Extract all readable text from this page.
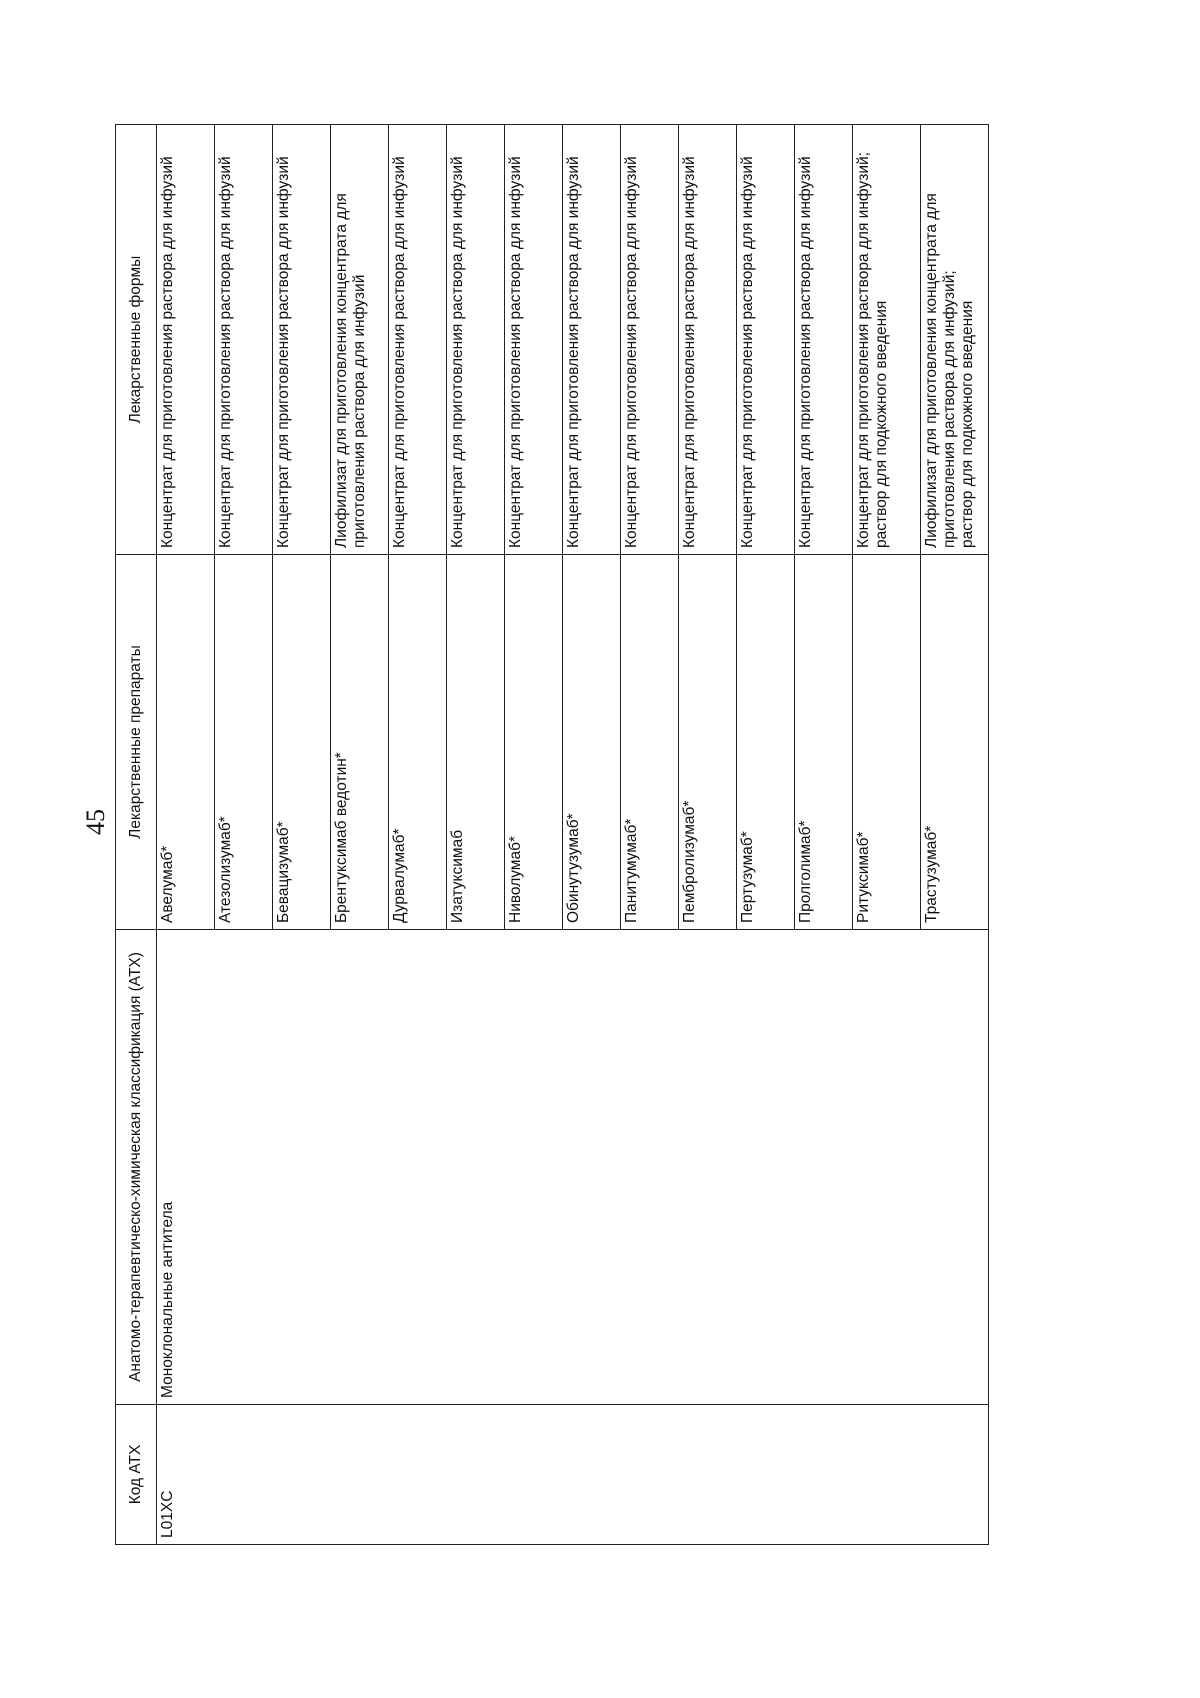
45
Код АТХ	Анатомо-терапевтическо-химическая классификация (АТХ)	Лекарственные препараты	Лекарственные формы
L01XC	Моноклональные антитела	Авелумаб*	Концентрат для приготовления раствора для инфузий

		Атезолизумаб*	Концентрат для приготовления раствора для инфузий

		Бевацизумаб*	Концентрат для приготовления раствора для инфузий

		Брентуксимаб ведотин*	Лиофилизат для приготовления концентрата для приготовления раствора для инфузий

		Дурвалумаб*	Концентрат для приготовления раствора для инфузий

		Изатуксимаб	Концентрат для приготовления раствора для инфузий

		Ниволумаб*	Концентрат для приготовления раствора для инфузий

		Обинутузумаб*	Концентрат для приготовления раствора для инфузий

		Панитумумаб*	Концентрат для приготовления раствора для инфузий

		Пембролизумаб*	Концентрат для приготовления раствора для инфузий

		Пертузумаб*	Концентрат для приготовления раствора для инфузий

		Пролголимаб*	Концентрат для приготовления раствора для инфузий

		Ритуксимаб*	Концентрат для приготовления раствора для инфузий; раствор для подкожного введения

		Трастузумаб*	Лиофилизат для приготовления концентрата для приготовления раствора для инфузий; раствор для подкожного введения
